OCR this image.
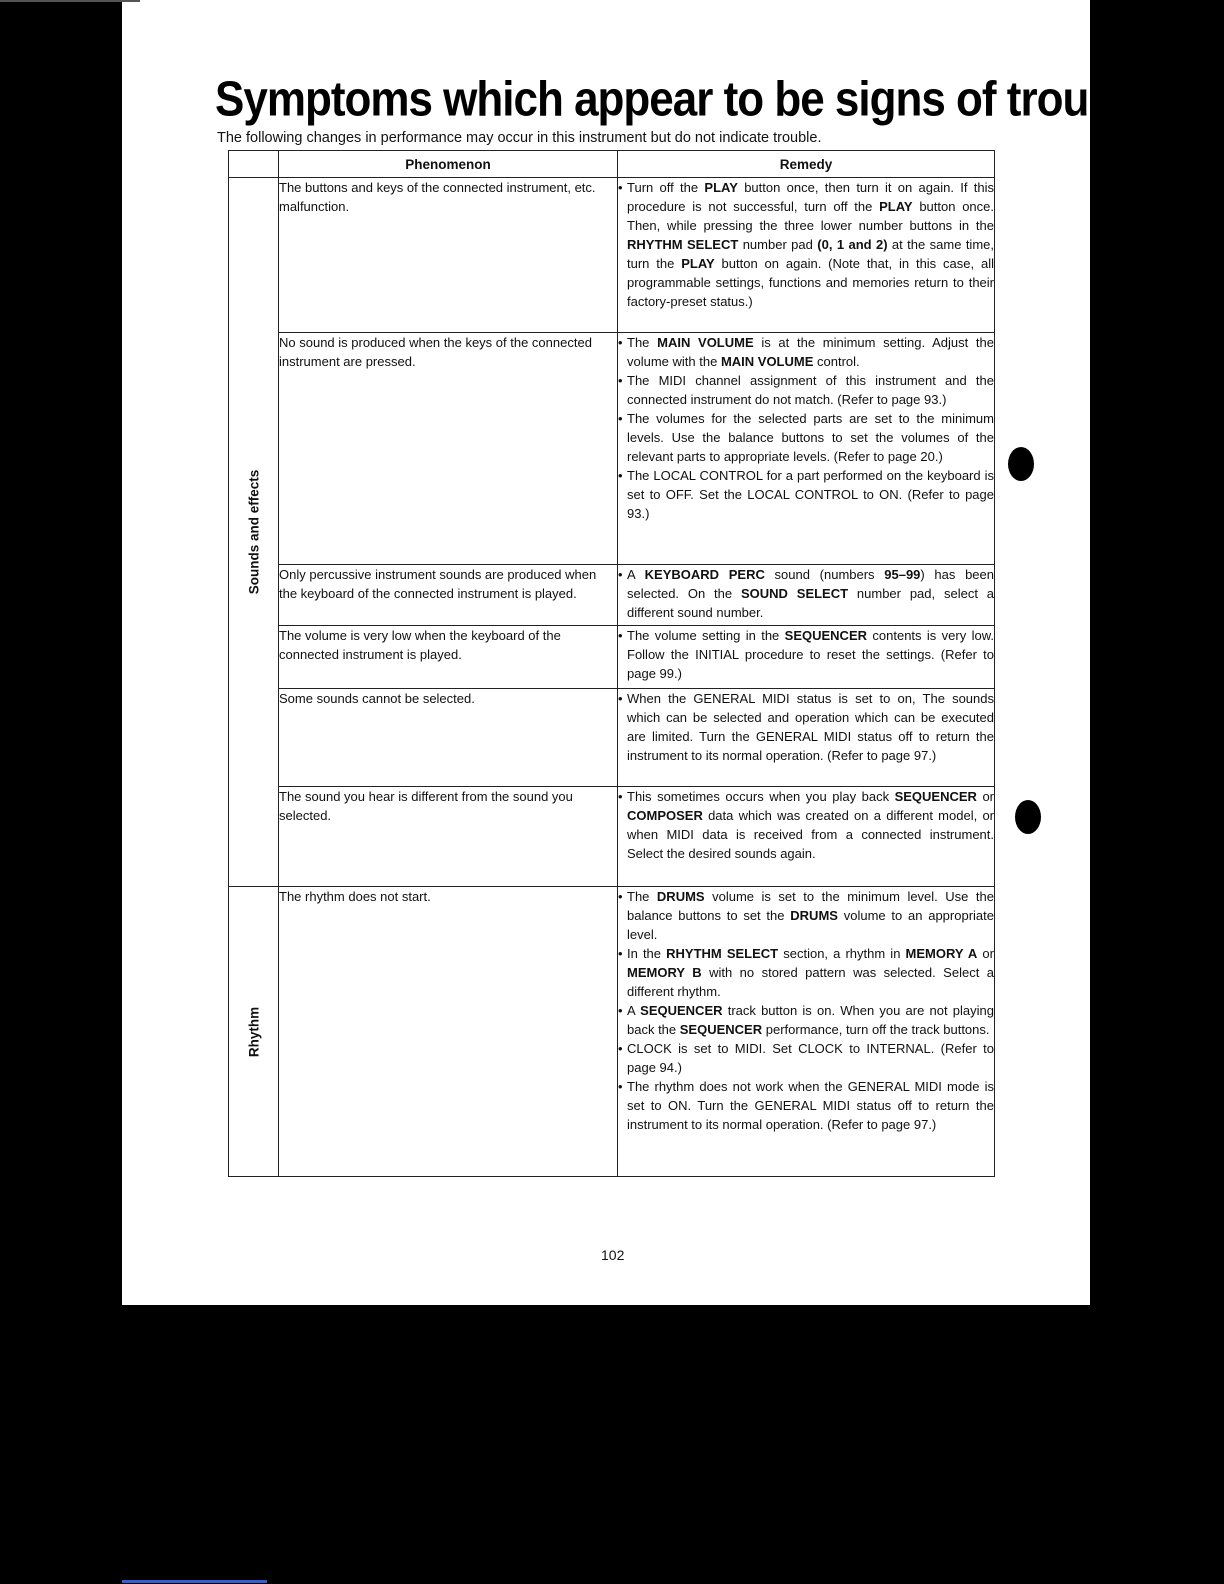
Symptoms which appear to be signs of trouble
The following changes in performance may occur in this instrument but do not indicate trouble.
	Phenomenon	Remedy

Sounds and effects	The buttons and keys of the connected instrument, etc. malfunction.	• Turn off the PLAY button once, then turn it on again. If this procedure is not successful, turn off the PLAY button once. Then, while pressing the three lower number buttons in the RHYTHM SELECT number pad (0, 1 and 2) at the same time, turn the PLAY button on again. (Note that, in this case, all programmable settings, functions and memories return to their factory-preset status.)

	No sound is produced when the keys of the connected instrument are pressed.	• The MAIN VOLUME is at the minimum setting. Adjust the volume with the MAIN VOLUME control.
• The MIDI channel assignment of this instrument and the connected instrument do not match. (Refer to page 93.)
• The volumes for the selected parts are set to the minimum levels. Use the balance buttons to set the volumes of the relevant parts to appropriate levels. (Refer to page 20.)
• The LOCAL CONTROL for a part performed on the keyboard is set to OFF. Set the LOCAL CONTROL to ON. (Refer to page 93.)

	Only percussive instrument sounds are produced when the keyboard of the connected instrument is played.	• A KEYBOARD PERC sound (numbers 95–99) has been selected. On the SOUND SELECT number pad, select a different sound number.

	The volume is very low when the keyboard of the connected instrument is played.	• The volume setting in the SEQUENCER contents is very low. Follow the INITIAL procedure to reset the settings. (Refer to page 99.)

	Some sounds cannot be selected.	• When the GENERAL MIDI status is set to on, The sounds which can be selected and operation which can be executed are limited. Turn the GENERAL MIDI status off to return the instrument to its normal operation. (Refer to page 97.)

	The sound you hear is different from the sound you selected.	• This sometimes occurs when you play back SEQUENCER or COMPOSER data which was created on a different model, or when MIDI data is received from a connected instrument. Select the desired sounds again.

Rhythm	The rhythm does not start.	• The DRUMS volume is set to the minimum level. Use the balance buttons to set the DRUMS volume to an appropriate level.
• In the RHYTHM SELECT section, a rhythm in MEMORY A or MEMORY B with no stored pattern was selected. Select a different rhythm.
• A SEQUENCER track button is on. When you are not playing back the SEQUENCER performance, turn off the track buttons.
• CLOCK is set to MIDI. Set CLOCK to INTERNAL. (Refer to page 94.)
• The rhythm does not work when the GENERAL MIDI mode is set to ON. Turn the GENERAL MIDI status off to return the instrument to its normal operation. (Refer to page 97.)
102
